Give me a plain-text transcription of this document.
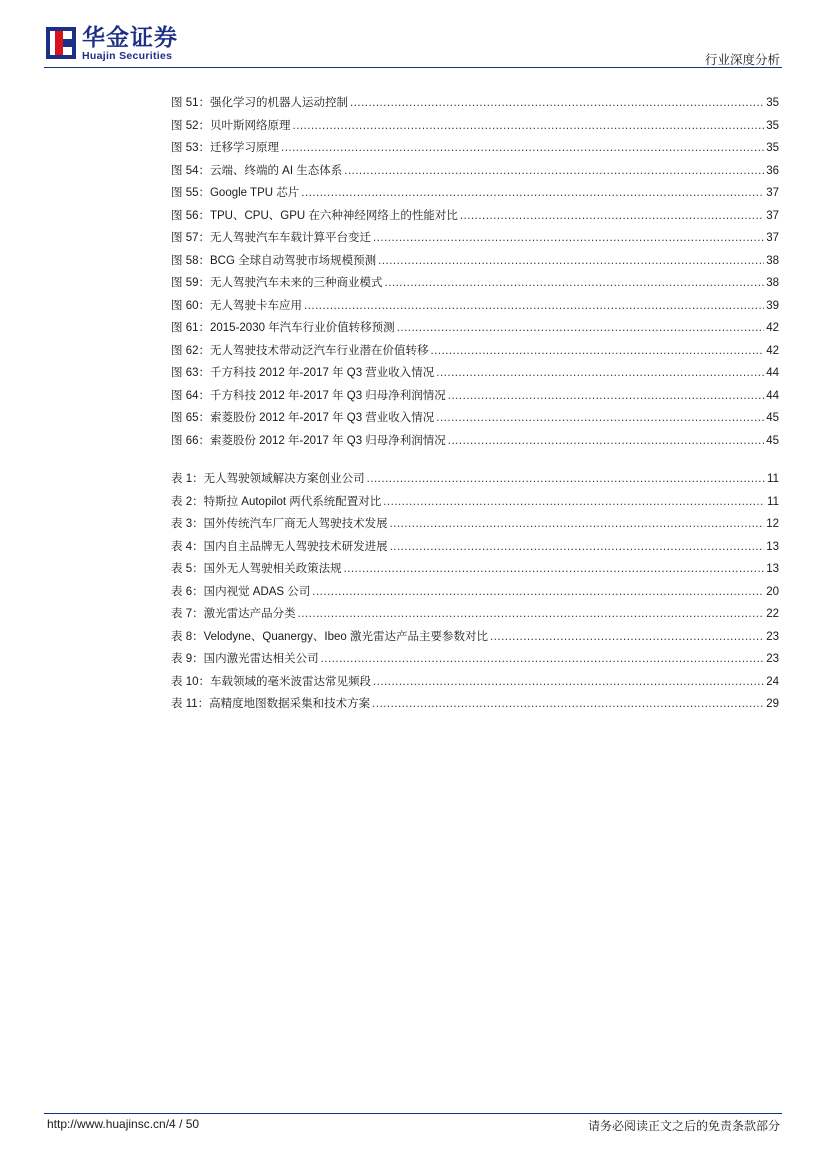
华金证券
Huajin Securities	行业深度分析
图 51：强化学习的机器人运动控制 .....	35
图 52：贝叶斯网络原理 .....	35
图 53：迁移学习原理 .....	35
图 54：云端、终端的 AI 生态体系 .....	36
图 55：Google TPU 芯片 .....	37
图 56：TPU、CPU、GPU 在六种神经网络上的性能对比 .....	37
图 57：无人驾驶汽车车载计算平台变迁 .....	37
图 58：BCG 全球自动驾驶市场规模预测 .....	38
图 59：无人驾驶汽车未来的三种商业模式 .....	38
图 60：无人驾驶卡车应用 .....	39
图 61：2015-2030 年汽车行业价值转移预测 .....	42
图 62：无人驾驶技术带动泛汽车行业潜在价值转移 .....	42
图 63：千方科技 2012 年-2017 年 Q3 营业收入情况 .....	44
图 64：千方科技 2012 年-2017 年 Q3 归母净利润情况 .....	44
图 65：索菱股份 2012 年-2017 年 Q3 营业收入情况 .....	45
图 66：索菱股份 2012 年-2017 年 Q3 归母净利润情况 .....	45
表 1：无人驾驶领域解决方案创业公司 .....	11
表 2：特斯拉 Autopilot 两代系统配置对比 .....	11
表 3：国外传统汽车厂商无人驾驶技术发展 .....	12
表 4：国内自主品牌无人驾驶技术研发进展 .....	13
表 5：国外无人驾驶相关政策法规 .....	13
表 6：国内视觉 ADAS 公司 .....	20
表 7：激光雷达产品分类 .....	22
表 8：Velodyne、Quanergy、Ibeo 激光雷达产品主要参数对比 .....	23
表 9：国内激光雷达相关公司 .....	23
表 10：车载领域的毫米波雷达常见频段 .....	24
表 11：高精度地图数据采集和技术方案 .....	29
http://www.huajinsc.cn/4 / 50	请务必阅读正文之后的免责条款部分
